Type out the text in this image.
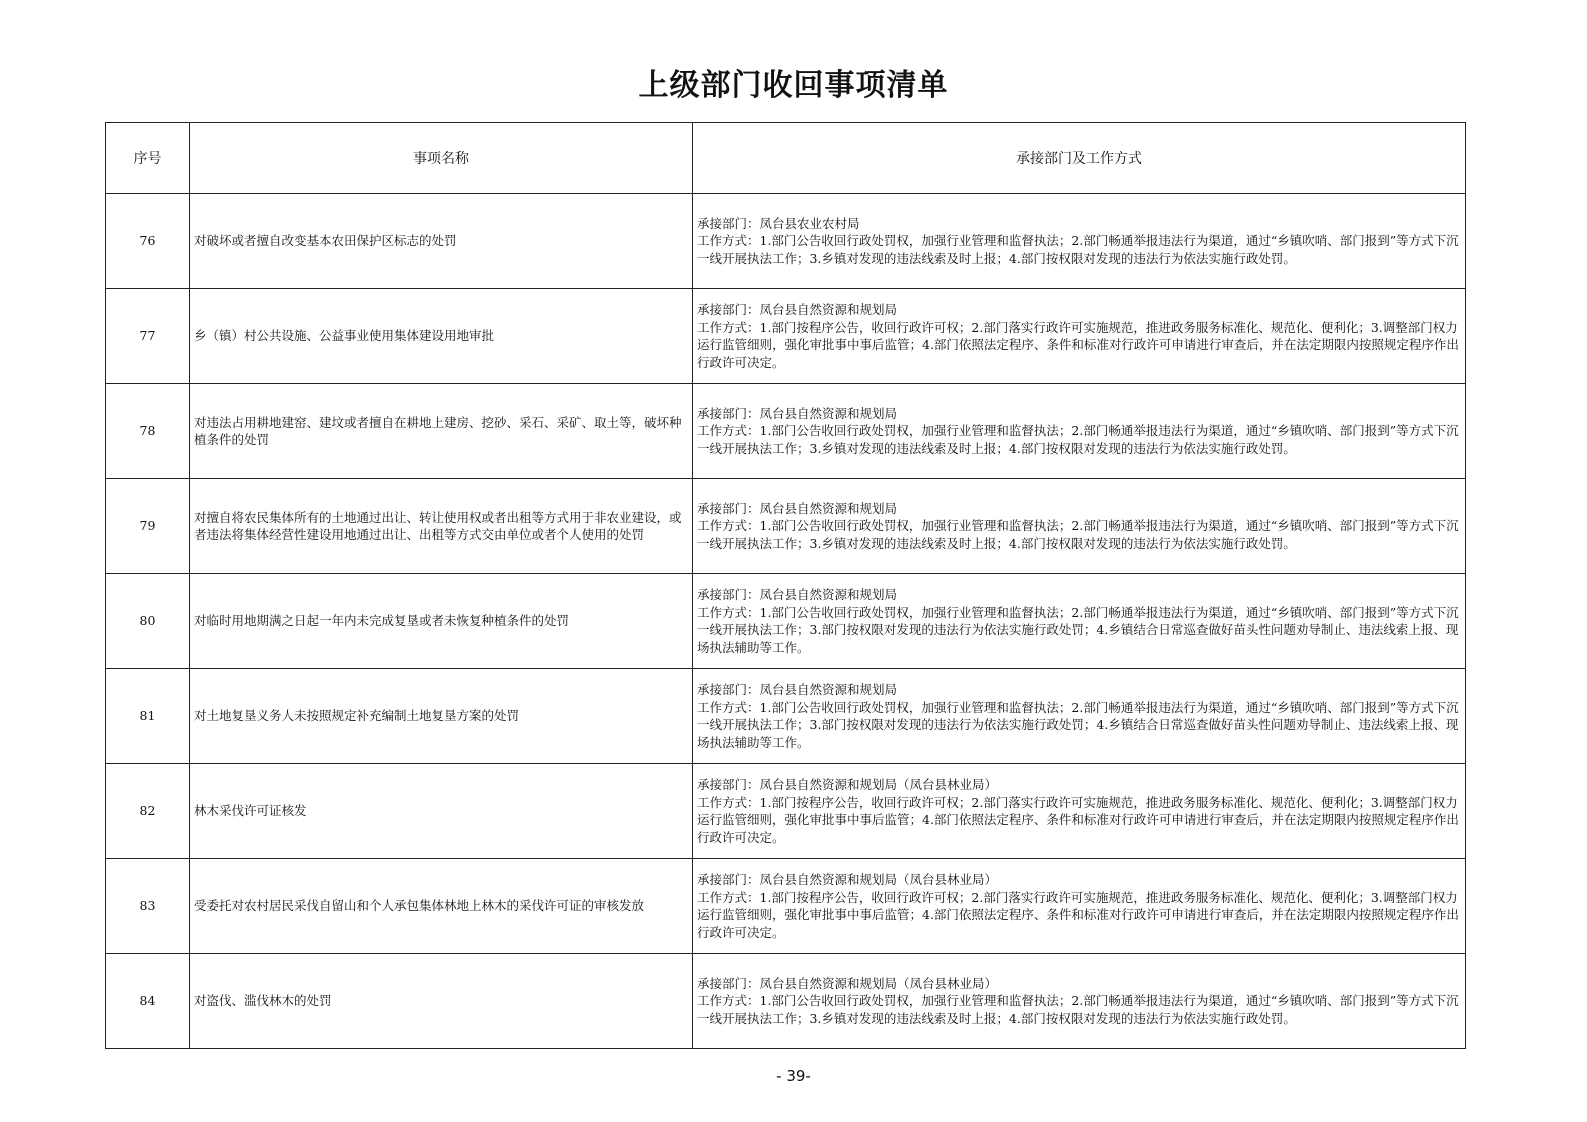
上级部门收回事项清单
序号	事项名称	承接部门及工作方式
76	对破坏或者擅自改变基本农田保护区标志的处罚	承接部门：凤台县农业农村局
工作方式：1.部门公告收回行政处罚权，加强行业管理和监督执法；2.部门畅通举报违法行为渠道，通过“乡镇吹哨、部门报到”等方式下沉一线开展执法工作；3.乡镇对发现的违法线索及时上报；4.部门按权限对发现的违法行为依法实施行政处罚。

77	乡（镇）村公共设施、公益事业使用集体建设用地审批	承接部门：凤台县自然资源和规划局
工作方式：1.部门按程序公告，收回行政许可权；2.部门落实行政许可实施规范，推进政务服务标准化、规范化、便利化；3.调整部门权力运行监管细则，强化审批事中事后监管；4.部门依照法定程序、条件和标准对行政许可申请进行审查后，并在法定期限内按照规定程序作出行政许可决定。

78	对违法占用耕地建窑、建坟或者擅自在耕地上建房、挖砂、采石、采矿、取土等，破坏种植条件的处罚	承接部门：凤台县自然资源和规划局
工作方式：1.部门公告收回行政处罚权，加强行业管理和监督执法；2.部门畅通举报违法行为渠道，通过“乡镇吹哨、部门报到”等方式下沉一线开展执法工作；3.乡镇对发现的违法线索及时上报；4.部门按权限对发现的违法行为依法实施行政处罚。

79	对擅自将农民集体所有的土地通过出让、转让使用权或者出租等方式用于非农业建设，或者违法将集体经营性建设用地通过出让、出租等方式交由单位或者个人使用的处罚	承接部门：凤台县自然资源和规划局
工作方式：1.部门公告收回行政处罚权，加强行业管理和监督执法；2.部门畅通举报违法行为渠道，通过“乡镇吹哨、部门报到”等方式下沉一线开展执法工作；3.乡镇对发现的违法线索及时上报；4.部门按权限对发现的违法行为依法实施行政处罚。

80	对临时用地期满之日起一年内未完成复垦或者未恢复种植条件的处罚	承接部门：凤台县自然资源和规划局
工作方式：1.部门公告收回行政处罚权，加强行业管理和监督执法；2.部门畅通举报违法行为渠道，通过“乡镇吹哨、部门报到”等方式下沉一线开展执法工作；3.部门按权限对发现的违法行为依法实施行政处罚；4.乡镇结合日常巡查做好苗头性问题劝导制止、违法线索上报、现场执法辅助等工作。

81	对土地复垦义务人未按照规定补充编制土地复垦方案的处罚	承接部门：凤台县自然资源和规划局
工作方式：1.部门公告收回行政处罚权，加强行业管理和监督执法；2.部门畅通举报违法行为渠道，通过“乡镇吹哨、部门报到”等方式下沉一线开展执法工作；3.部门按权限对发现的违法行为依法实施行政处罚；4.乡镇结合日常巡查做好苗头性问题劝导制止、违法线索上报、现场执法辅助等工作。

82	林木采伐许可证核发	承接部门：凤台县自然资源和规划局（凤台县林业局）
工作方式：1.部门按程序公告，收回行政许可权；2.部门落实行政许可实施规范，推进政务服务标准化、规范化、便利化；3.调整部门权力运行监管细则，强化审批事中事后监管；4.部门依照法定程序、条件和标准对行政许可申请进行审查后，并在法定期限内按照规定程序作出行政许可决定。

83	受委托对农村居民采伐自留山和个人承包集体林地上林木的采伐许可证的审核发放	承接部门：凤台县自然资源和规划局（凤台县林业局）
工作方式：1.部门按程序公告，收回行政许可权；2.部门落实行政许可实施规范，推进政务服务标准化、规范化、便利化；3.调整部门权力运行监管细则，强化审批事中事后监管；4.部门依照法定程序、条件和标准对行政许可申请进行审查后，并在法定期限内按照规定程序作出行政许可决定。

84	对盗伐、滥伐林木的处罚	承接部门：凤台县自然资源和规划局（凤台县林业局）
工作方式：1.部门公告收回行政处罚权，加强行业管理和监督执法；2.部门畅通举报违法行为渠道，通过“乡镇吹哨、部门报到”等方式下沉一线开展执法工作；3.乡镇对发现的违法线索及时上报；4.部门按权限对发现的违法行为依法实施行政处罚。
- 39-
